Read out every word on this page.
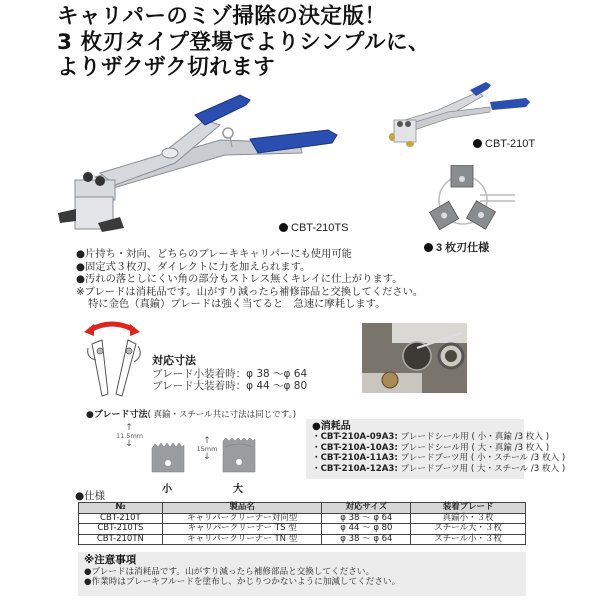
キャリパーのミゾ掃除の決定版！
3 枚刃タイプ登場でよりシンプルに、
よりザクザク切れます
CBT-210TS
CBT-210T
3 枚刃仕様
●片持ち・対向、どちらのブレーキキャリパーにも使用可能
●固定式３枚刃、ダイレクトに力を加えられます。
●汚れの落としにくい角の部分もストレス無くキレイに仕上がります。
※ブレードは消耗品です。山がすり減ったら補修部品と交換してください。
特に金色（真鍮）ブレードは強く当てると　急速に摩耗します。
対応寸法
ブレード小装着時：φ 38 〜φ 64
ブレード大装着時：φ 44 〜φ 80
●ブレード寸法( 真鍮・スチール共に寸法は同じです。)
↑
11.5mm
↓	↑
15mm
↓
小	大
●消耗品
・CBT-210A-09A3: ブレードシール用 ( 小・真鍮 /3 枚入 )
・CBT-210A-10A3: ブレードシール用 ( 大・真鍮 /3 枚入 )
・CBT-210A-11A3: ブレードブーツ用 ( 小・スチール /3 枚入 )
・CBT-210A-12A3: ブレードブーツ用 ( 大・スチール /3 枚入 )
●仕様
№	製品名	対応サイズ	装着ブレード
CBT-210T	キャリパークリーナー対向型	φ 38 〜 φ 64	真鍮小・３枚
CBT-210TS	キャリパークリーナー TS 型	φ 44 〜 φ 80	スチール大・３枚
CBT-210TN	キャリパークリーナー TN 型	φ 38 〜 φ 64	スチール小・３枚
※注意事項
●ブレードは消耗品です。山がすり減ったら補修部品と交換してください。
●作業時はブレーキフルードを塗布し、かじりつかないように加減してください。
